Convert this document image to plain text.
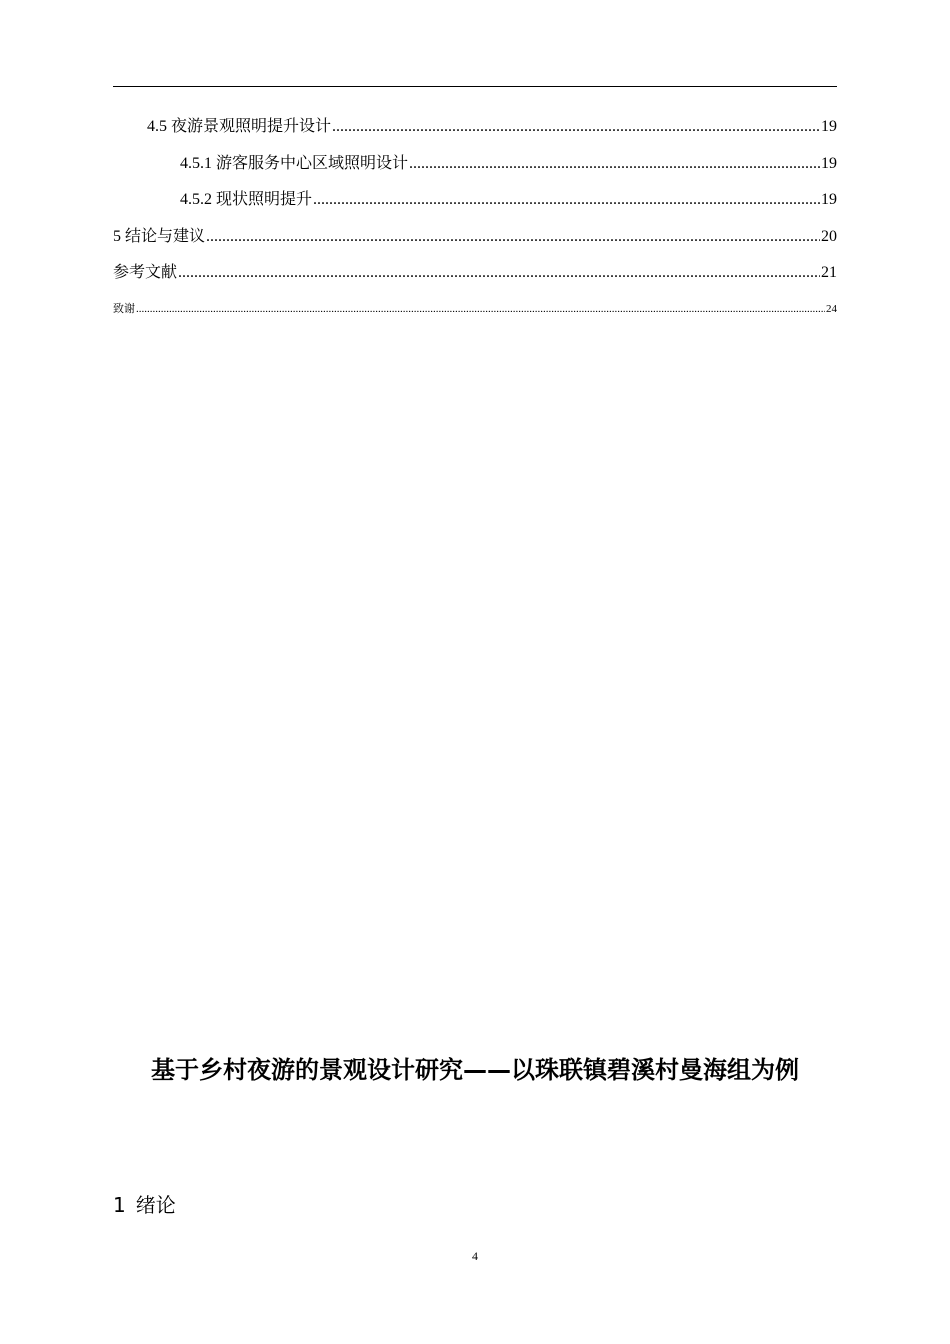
4.5 夜游景观照明提升设计 .....	19
4.5.1 游客服务中心区域照明设计 .....	19
4.5.2 现状照明提升 .....	19
5 结论与建议 .....	20
参考文献 .....	21
致谢 .....	24
基于乡村夜游的景观设计研究——以珠联镇碧溪村曼海组为例
1 绪论
4
